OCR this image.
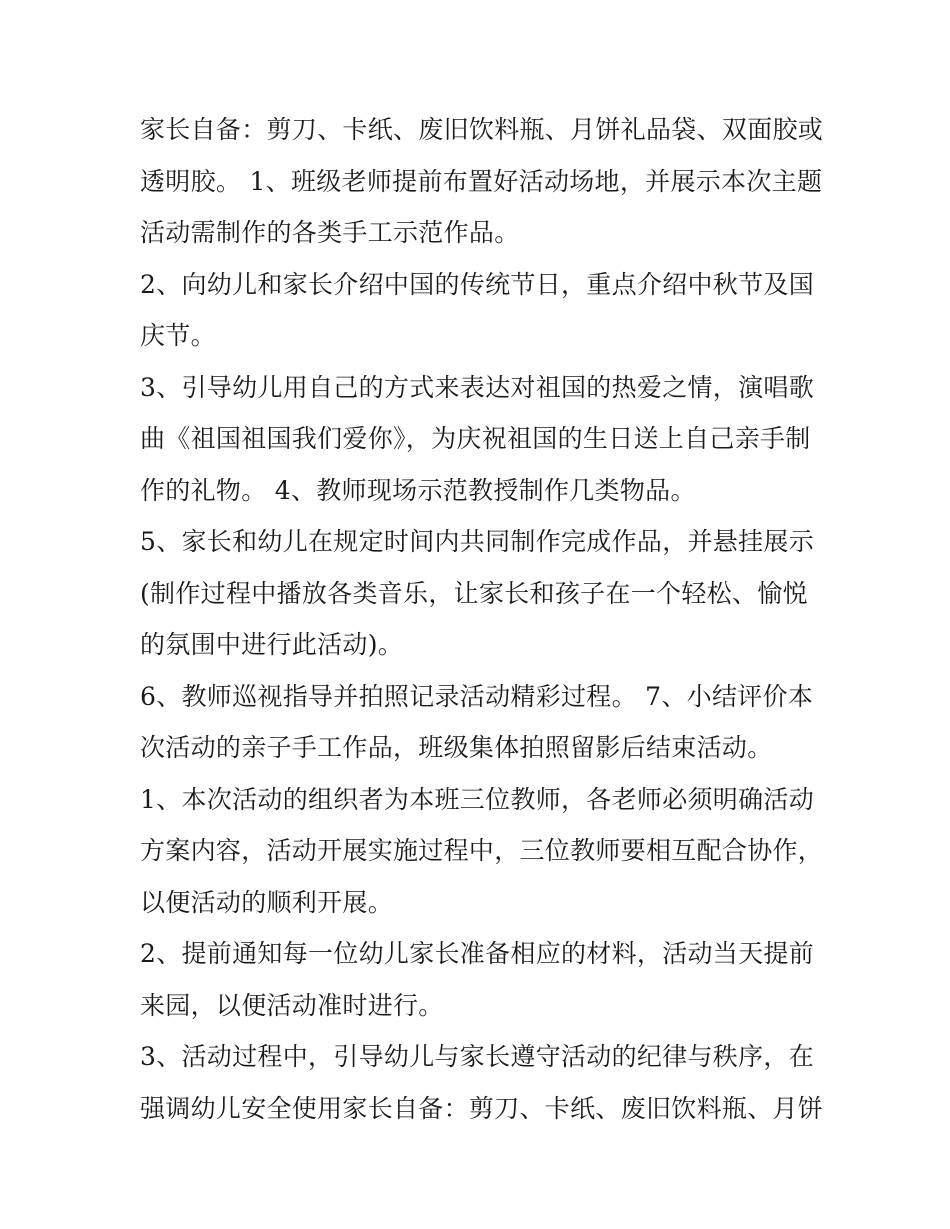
家长自备：剪刀、卡纸、废旧饮料瓶、月饼礼品袋、双面胶或
透明胶。 1、班级老师提前布置好活动场地，并展示本次主题
活动需制作的各类手工示范作品。
2、向幼儿和家长介绍中国的传统节日，重点介绍中秋节及国
庆节。
3、引导幼儿用自己的方式来表达对祖国的热爱之情，演唱歌
曲《祖国祖国我们爱你》，为庆祝祖国的生日送上自己亲手制
作的礼物。 4、教师现场示范教授制作几类物品。
5、家长和幼儿在规定时间内共同制作完成作品，并悬挂展示
(制作过程中播放各类音乐，让家长和孩子在一个轻松、愉悦
的氛围中进行此活动)。
6、教师巡视指导并拍照记录活动精彩过程。 7、小结评价本
次活动的亲子手工作品，班级集体拍照留影后结束活动。
1、本次活动的组织者为本班三位教师，各老师必须明确活动
方案内容，活动开展实施过程中，三位教师要相互配合协作，
以便活动的顺利开展。
2、提前通知每一位幼儿家长准备相应的材料，活动当天提前
来园，以便活动准时进行。
3、活动过程中，引导幼儿与家长遵守活动的纪律与秩序，在
强调幼儿安全使用家长自备：剪刀、卡纸、废旧饮料瓶、月饼
